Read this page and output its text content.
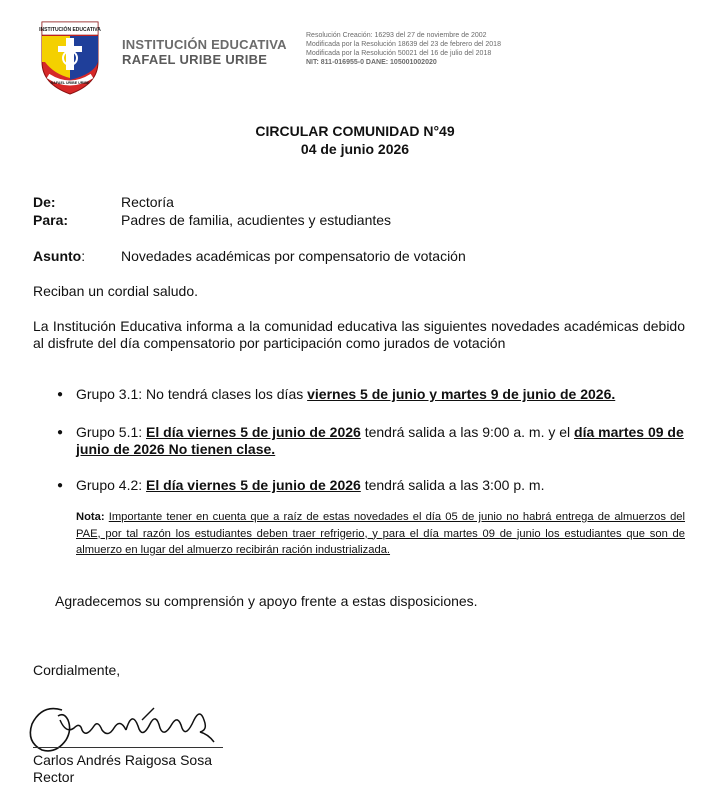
INSTITUCIÓN EDUCATIVA
RAFAEL URIBE URIBE
INSTITUCIÓN EDUCATIVA
RAFAEL URIBE URIBE
Resolución Creación: 16293 del 27 de noviembre de 2002
Modificada por la Resolución 18639 del 23 de febrero del 2018
Modificada por la Resolución 50021 del 16 de julio del 2018
NIT: 811-016955-0 DANE: 105001002020
CIRCULAR COMUNIDAD N°49
04 de junio 2026
De:	Rectoría
Para:	Padres de familia, acudientes y estudiantes
Asunto:	Novedades académicas por compensatorio de votación
Reciban un cordial saludo.
La Institución Educativa informa a la comunidad educativa las siguientes novedades académicas debido al disfrute del día compensatorio por participación como jurados de votación
● Grupo 3.1: No tendrá clases los días viernes 5 de junio y martes 9 de junio de 2026.
● Grupo 5.1: El día viernes 5 de junio de 2026 tendrá salida a las 9:00 a. m. y el día martes 09 de junio de 2026 No tienen clase.
● Grupo 4.2: El día viernes 5 de junio de 2026 tendrá salida a las 3:00 p. m.
Nota: Importante tener en cuenta que a raíz de estas novedades el día 05 de junio no habrá entrega de almuerzos del PAE, por tal razón los estudiantes deben traer refrigerio, y para el día martes 09 de junio los estudiantes que son de almuerzo en lugar del almuerzo recibirán ración industrializada.
Agradecemos su comprensión y apoyo frente a estas disposiciones.
Cordialmente,
Carlos Andrés Raigosa Sosa
Rector
